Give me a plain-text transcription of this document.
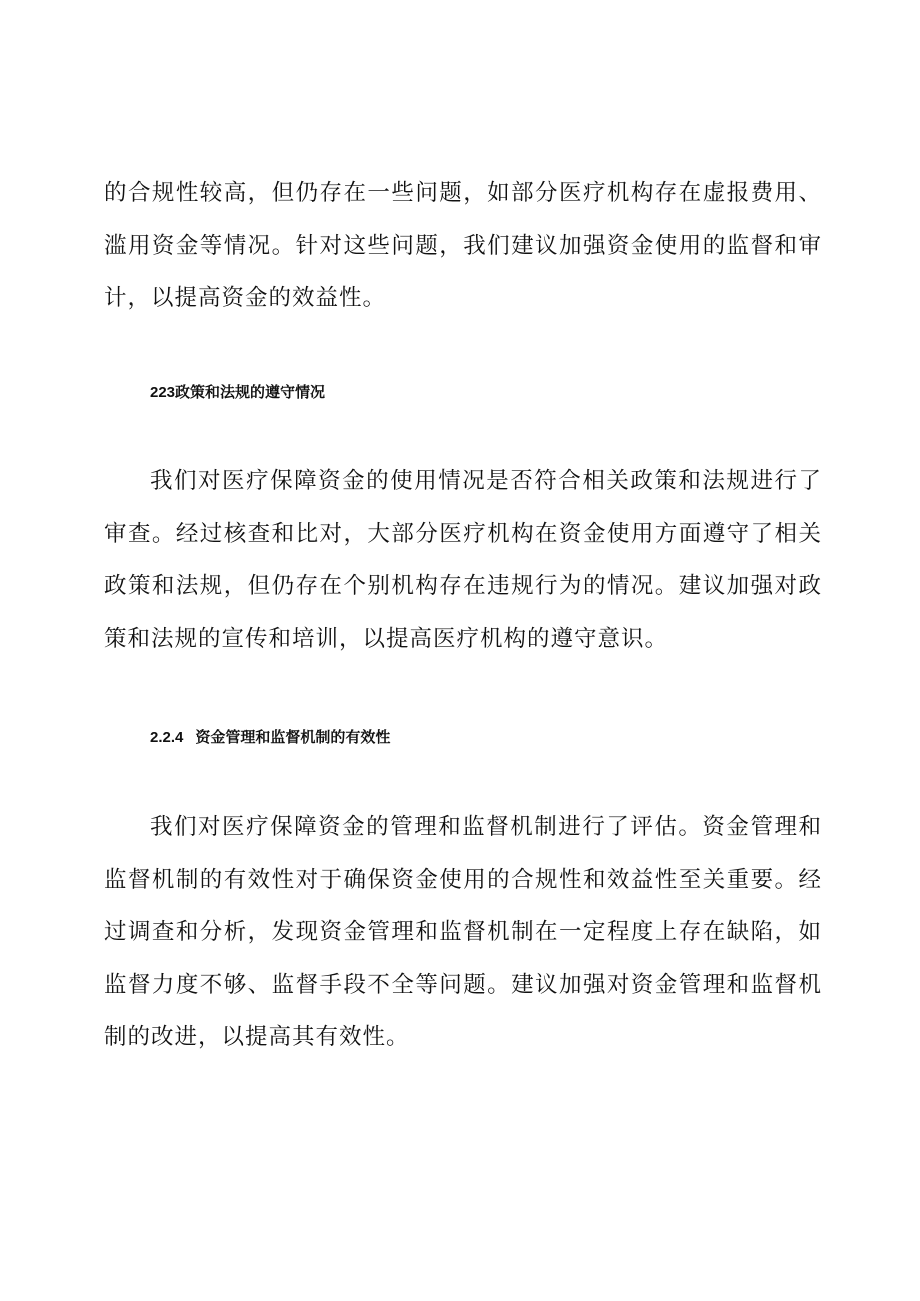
的合规性较高，但仍存在一些问题，如部分医疗机构存在虚报费用、滥用资金等情况。针对这些问题，我们建议加强资金使用的监督和审计，以提高资金的效益性。

223政策和法规的遵守情况

我们对医疗保障资金的使用情况是否符合相关政策和法规进行了审查。经过核查和比对，大部分医疗机构在资金使用方面遵守了相关政策和法规，但仍存在个别机构存在违规行为的情况。建议加强对政策和法规的宣传和培训，以提高医疗机构的遵守意识。

2.2.4 资金管理和监督机制的有效性

我们对医疗保障资金的管理和监督机制进行了评估。资金管理和监督机制的有效性对于确保资金使用的合规性和效益性至关重要。经过调查和分析，发现资金管理和监督机制在一定程度上存在缺陷，如监督力度不够、监督手段不全等问题。建议加强对资金管理和监督机制的改进，以提高其有效性。
